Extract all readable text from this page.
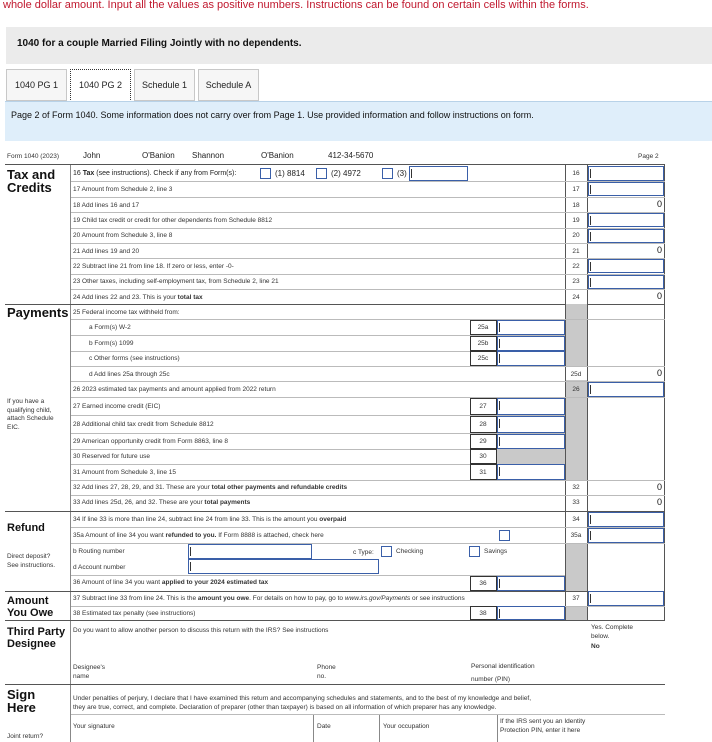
whole dollar amount. Input all the values as positive numbers. Instructions can be found on certain cells within the forms.
1040 for a couple Married Filing Jointly with no dependents.
1040 PG 1	1040 PG 2	Schedule 1	Schedule A
Page 2 of Form 1040. Some information does not carry over from Page 1. Use provided information and follow instructions on form.
Form 1040 (2023)	John	O'Banion Shannon	O'Banion	412-34-5670	Page 2
Tax and
Credits
Payments
If you have a
qualifying child,
attach Schedule
EIC.
Refund
Direct deposit?
See instructions.
Amount
You Owe
Third Party
Designee
Sign
Here
Joint return?
16 Tax (see instructions). Check if any from Form(s):	(1) 8814	(2) 4972	(3)	16
17 Amount from Schedule 2, line 3	17
18 Add lines 16 and 17	18	0
19 Child tax credit or credit for other dependents from Schedule 8812	19
20 Amount from Schedule 3, line 8	20
21 Add lines 19 and 20	21	0
22 Subtract line 21 from line 18. If zero or less, enter -0-	22
23 Other taxes, including self-employment tax, from Schedule 2, line 21	23
24 Add lines 22 and 23. This is your total tax	24	0
25 Federal income tax withheld from:
a Form(s) W-2	25a
b Form(s) 1099	25b
c Other forms (see instructions)	25c
d Add lines 25a through 25c	25d	0
26 2023 estimated tax payments and amount applied from 2022 return	26
27 Earned income credit (EIC)	27
28 Additional child tax credit from Schedule 8812	28
29 American opportunity credit from Form 8863, line 8	29
30 Reserved for future use	30
31 Amount from Schedule 3, line 15	31
32 Add lines 27, 28, 29, and 31. These are your total other payments and refundable credits	32	0
33 Add lines 25d, 26, and 32. These are your total payments	33	0
34 If line 33 is more than line 24, subtract line 24 from line 33. This is the amount you overpaid	34
35a Amount of line 34 you want refunded to you. If Form 8888 is attached, check here	35a
b Routing number	c Type:	Checking	Savings
d Account number
36 Amount of line 34 you want applied to your 2024 estimated tax	36
37 Subtract line 33 from line 24. This is the amount you owe. For details on how to pay, go to www.irs.gov/Payments or see instructions	37
38 Estimated tax penalty (see instructions)	38
Do you want to allow another person to discuss this return with the IRS? See instructions	Yes. Complete
below.
No
Designee's
name
Phone
no.
Personal identification
number (PIN)
Under penalties of perjury, I declare that I have examined this return and accompanying schedules and statements, and to the best of my knowledge and belief,
they are true, correct, and complete. Declaration of preparer (other than taxpayer) is based on all information of which preparer has any knowledge.
Your signature	Date	Your occupation
If the IRS sent you an Identity
Protection PIN, enter it here
